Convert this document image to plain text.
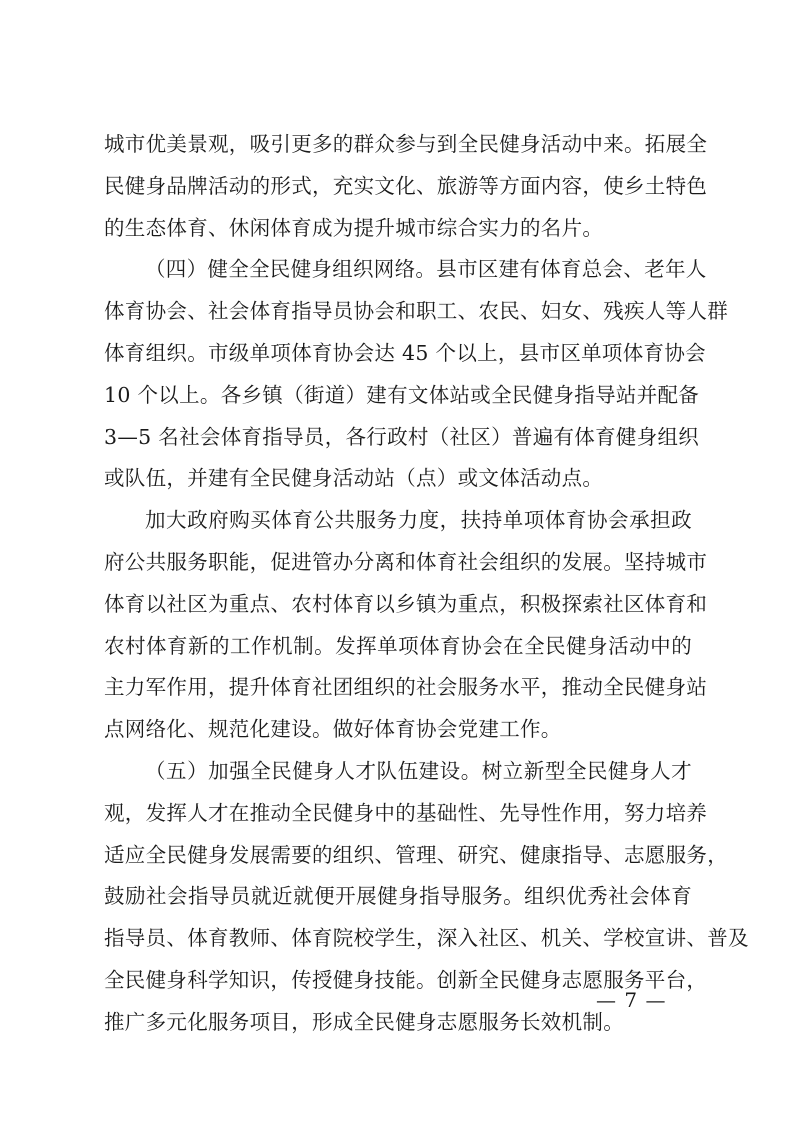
城市优美景观，吸引更多的群众参与到全民健身活动中来。拓展全
民健身品牌活动的形式，充实文化、旅游等方面内容，使乡土特色
的生态体育、休闲体育成为提升城市综合实力的名片。
（四）健全全民健身组织网络。县市区建有体育总会、老年人
体育协会、社会体育指导员协会和职工、农民、妇女、残疾人等人群
体育组织。市级单项体育协会达 45 个以上，县市区单项体育协会
10 个以上。各乡镇（街道）建有文体站或全民健身指导站并配备
3—5 名社会体育指导员，各行政村（社区）普遍有体育健身组织
或队伍，并建有全民健身活动站（点）或文体活动点。
加大政府购买体育公共服务力度，扶持单项体育协会承担政
府公共服务职能，促进管办分离和体育社会组织的发展。坚持城市
体育以社区为重点、农村体育以乡镇为重点，积极探索社区体育和
农村体育新的工作机制。发挥单项体育协会在全民健身活动中的
主力军作用，提升体育社团组织的社会服务水平，推动全民健身站
点网络化、规范化建设。做好体育协会党建工作。
（五）加强全民健身人才队伍建设。树立新型全民健身人才
观，发挥人才在推动全民健身中的基础性、先导性作用，努力培养
适应全民健身发展需要的组织、管理、研究、健康指导、志愿服务，
鼓励社会指导员就近就便开展健身指导服务。组织优秀社会体育
指导员、体育教师、体育院校学生，深入社区、机关、学校宣讲、普及
全民健身科学知识，传授健身技能。创新全民健身志愿服务平台，
推广多元化服务项目，形成全民健身志愿服务长效机制。
— 7 —
